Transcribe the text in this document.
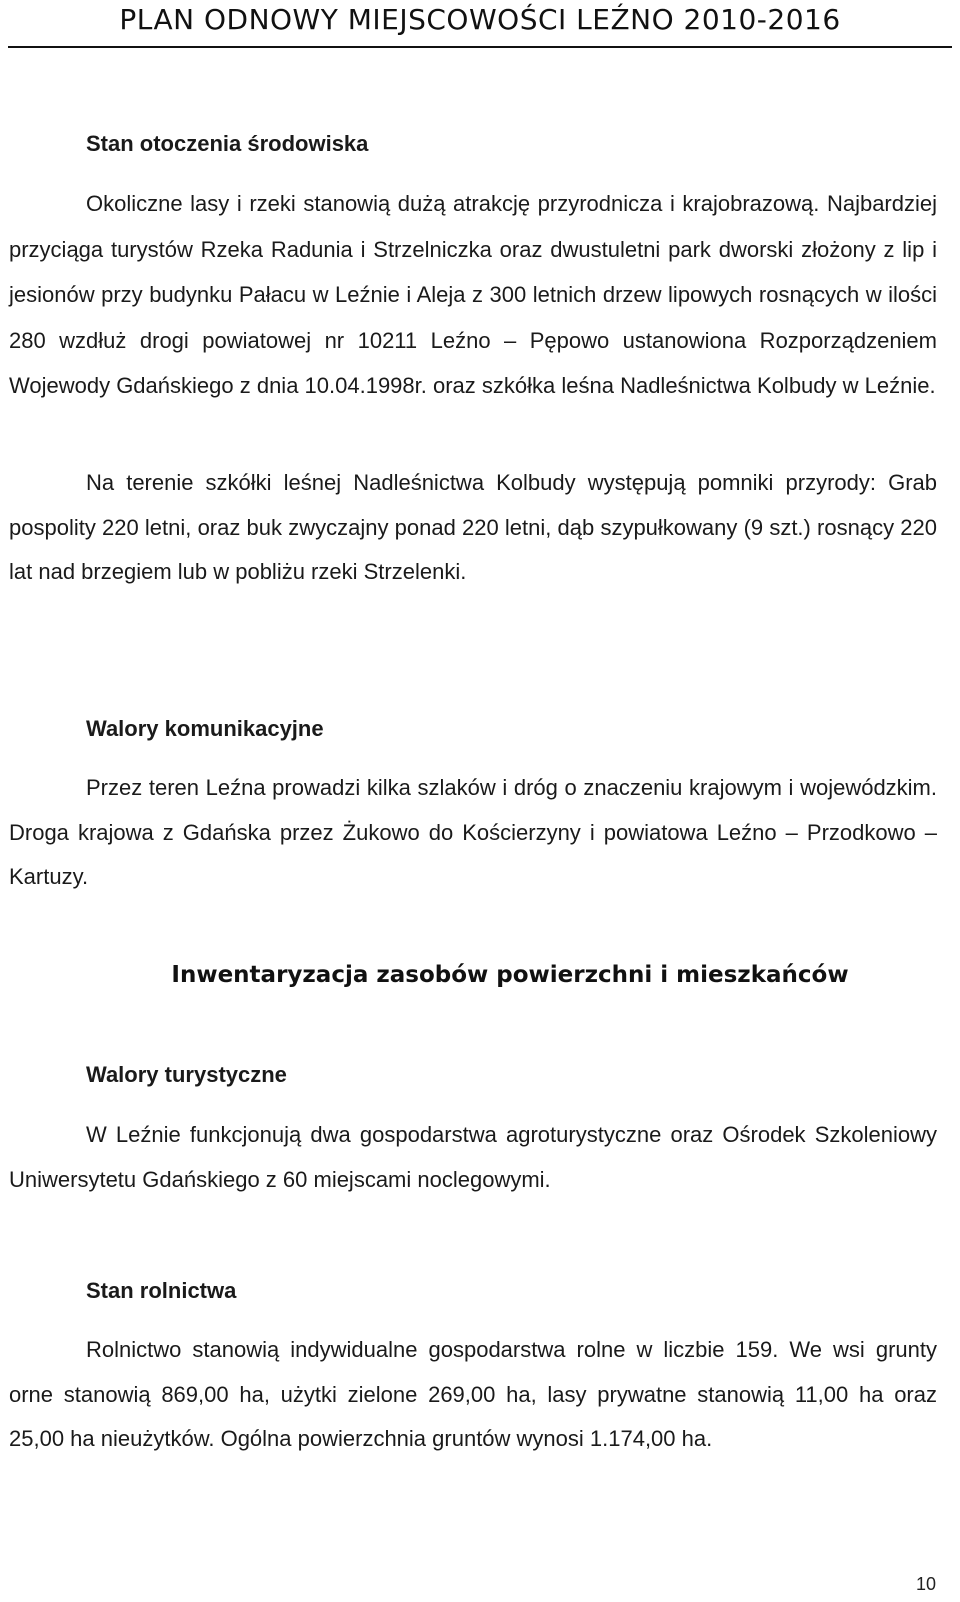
PLAN ODNOWY MIEJSCOWOŚCI LEŹNO 2010-2016
Stan otoczenia środowiska

Okoliczne lasy i rzeki stanowią dużą atrakcję przyrodnicza i krajobrazową. Najbardziej przyciąga turystów Rzeka Radunia i Strzelniczka oraz dwustuletni park dworski złożony z lip i jesionów przy budynku Pałacu w Leźnie i Aleja z 300 letnich drzew lipowych rosnących w ilości 280 wzdłuż drogi powiatowej nr 10211 Leźno – Pępowo ustanowiona Rozporządzeniem Wojewody Gdańskiego z dnia 10.04.1998r. oraz szkółka leśna Nadleśnictwa Kolbudy w Leźnie.

Na terenie szkółki leśnej Nadleśnictwa Kolbudy występują pomniki przyrody: Grab pospolity 220 letni, oraz buk zwyczajny ponad 220 letni, dąb szypułkowany (9 szt.) rosnący 220 lat nad brzegiem lub w pobliżu rzeki Strzelenki.

Walory komunikacyjne

Przez teren Leźna prowadzi kilka szlaków i dróg o znaczeniu krajowym i wojewódzkim. Droga krajowa z Gdańska przez Żukowo do Kościerzyny i powiatowa Leźno – Przodkowo – Kartuzy.

Inwentaryzacja zasobów powierzchni i mieszkańców
Walory turystyczne

W Leźnie funkcjonują dwa gospodarstwa agroturystyczne oraz Ośrodek Szkoleniowy Uniwersytetu Gdańskiego z 60 miejscami noclegowymi.

Stan rolnictwa

Rolnictwo stanowią indywidualne gospodarstwa rolne w liczbie 159. We wsi grunty orne stanowią 869,00 ha, użytki zielone 269,00 ha, lasy prywatne stanowią 11,00 ha oraz 25,00 ha nieużytków. Ogólna powierzchnia gruntów wynosi 1.174,00 ha.

10
